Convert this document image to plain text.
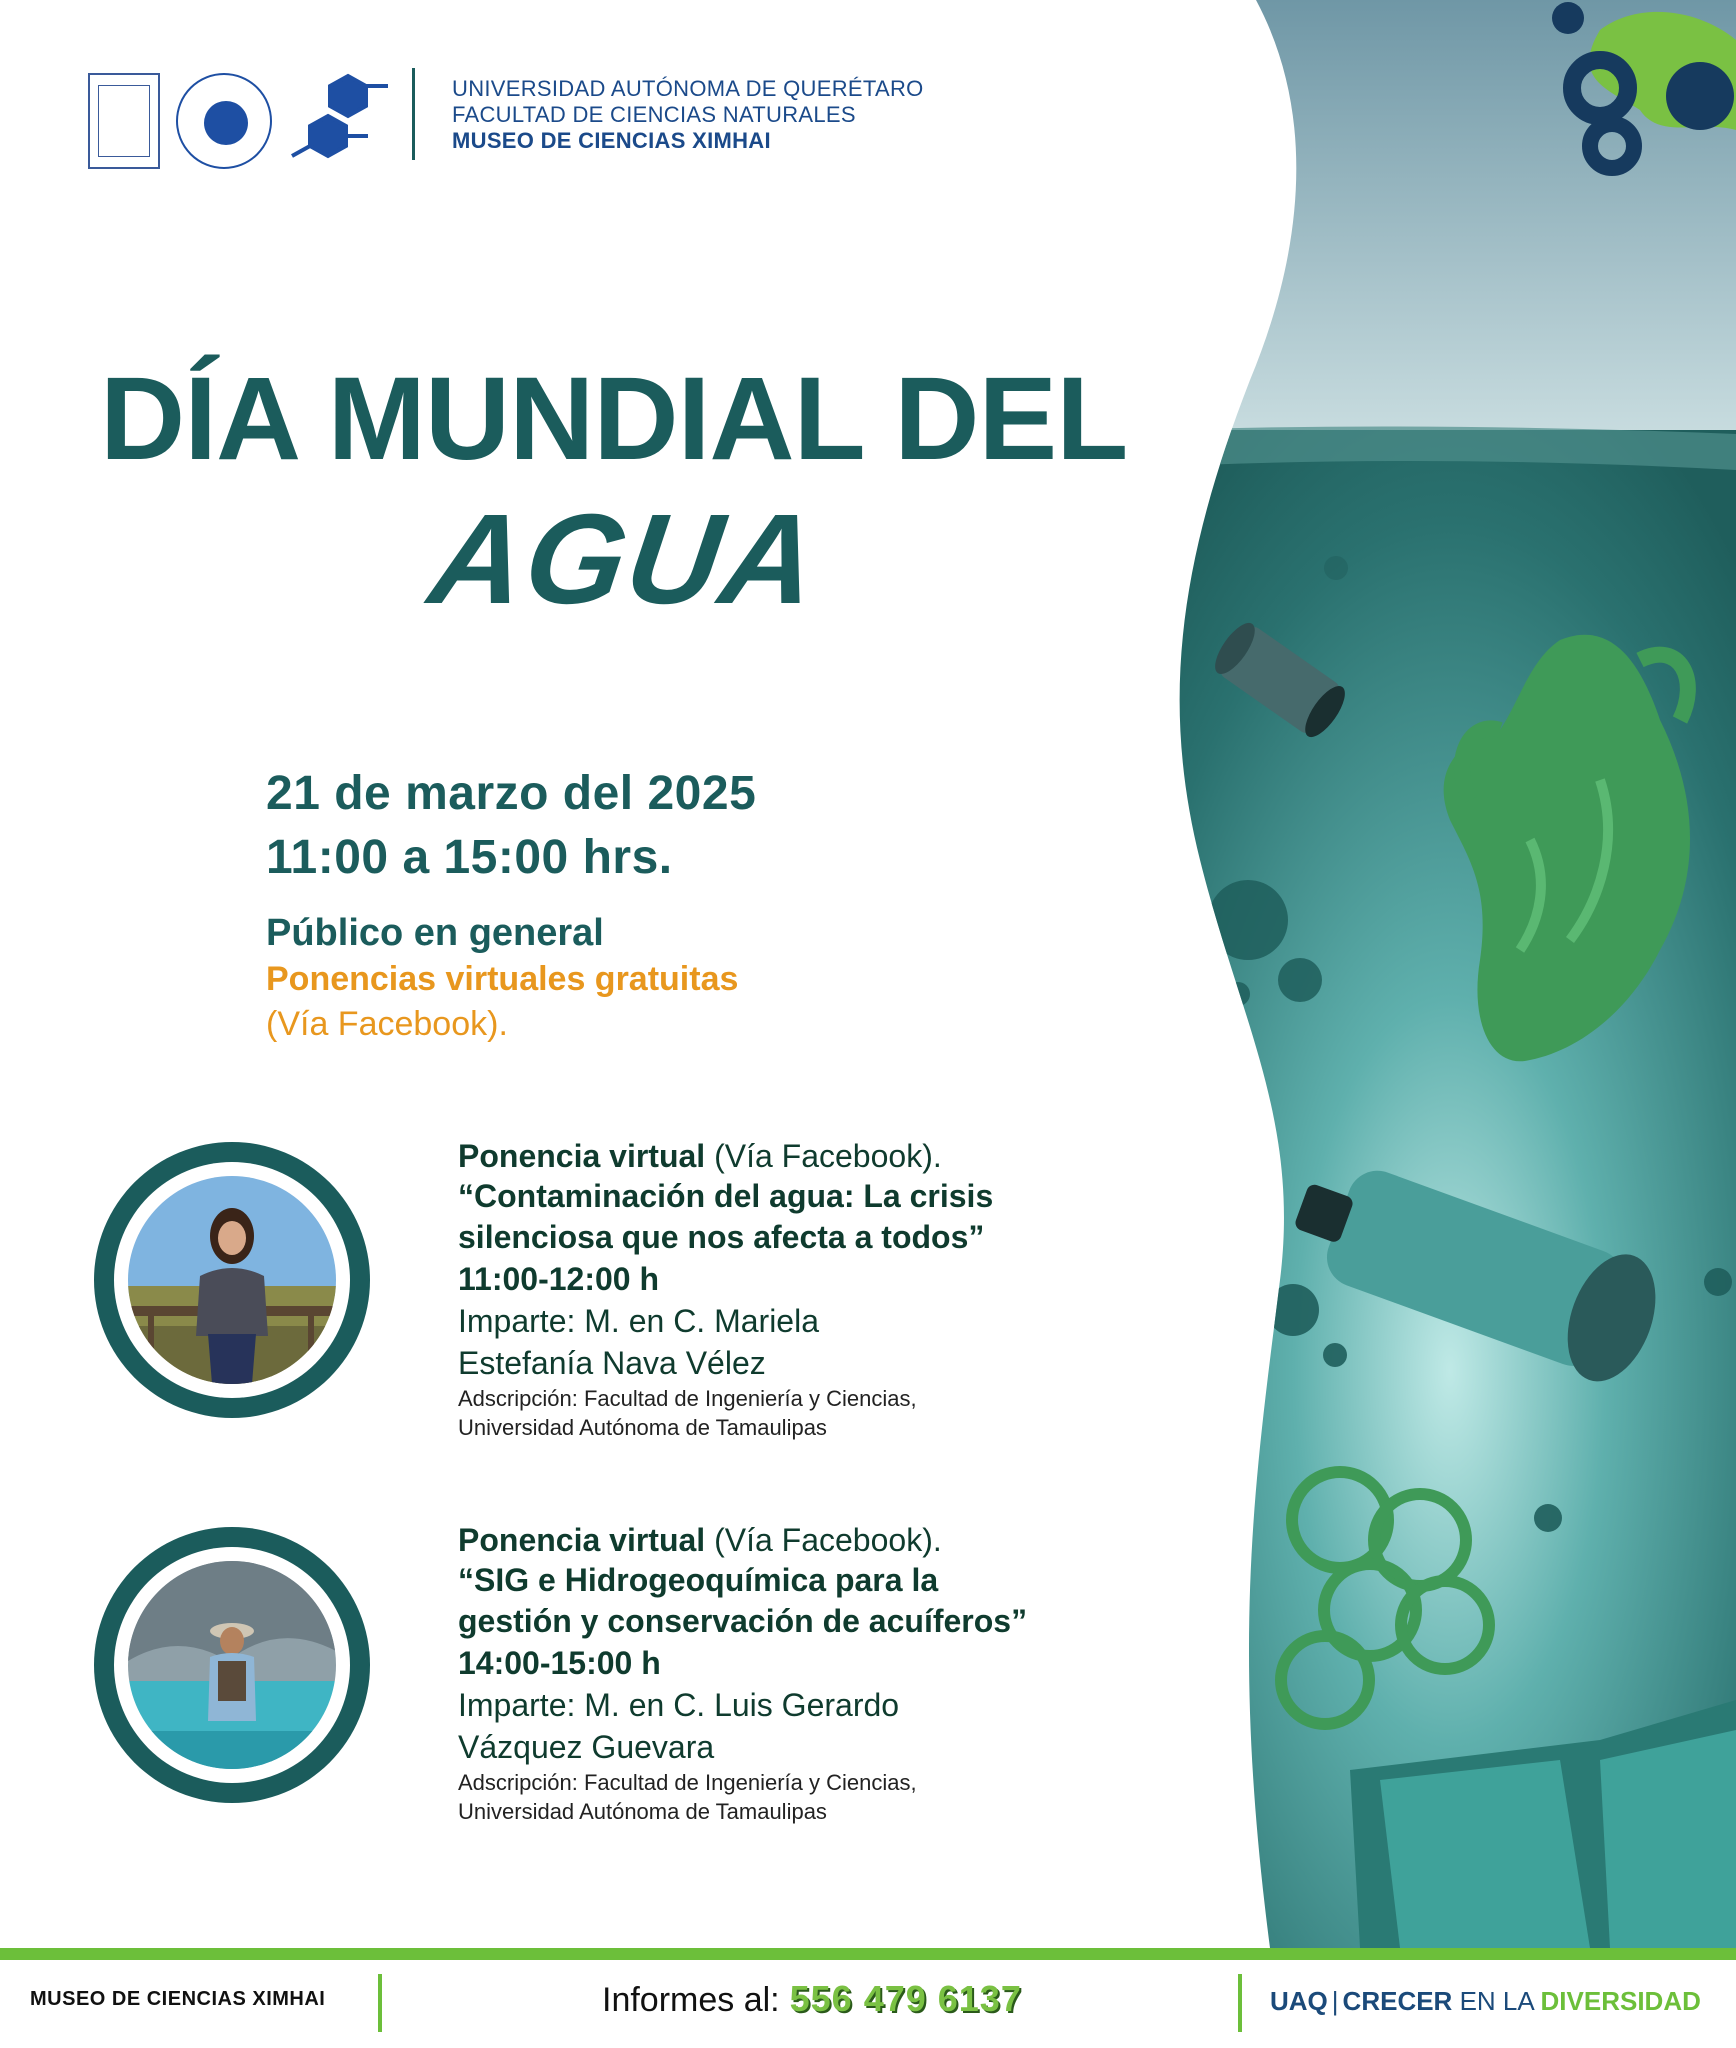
UNIVERSIDAD AUTÓNOMA DE QUERÉTARO
FACULTAD DE CIENCIAS NATURALES
MUSEO DE CIENCIAS XIMHAI
DÍA MUNDIAL DEL
AGUA
21 de marzo del 2025
11:00 a 15:00 hrs.
Público en general
Ponencias virtuales gratuitas
(Vía Facebook).
Ponencia virtual (Vía Facebook).
“Contaminación del agua: La crisis silenciosa que nos afecta a todos”
11:00-12:00 h
Imparte: M. en C. Mariela
Estefanía Nava Vélez
Adscripción: Facultad de Ingeniería y Ciencias,
Universidad Autónoma de Tamaulipas
Ponencia virtual (Vía Facebook).
“SIG e Hidrogeoquímica para la gestión y conservación de acuíferos”
14:00-15:00 h
Imparte: M. en C. Luis Gerardo
Vázquez Guevara
Adscripción: Facultad de Ingeniería y Ciencias,
Universidad Autónoma de Tamaulipas
MUSEO DE CIENCIAS XIMHAI	Informes al: 556 479 6137	UAQ | CRECER EN LA DIVERSIDAD
